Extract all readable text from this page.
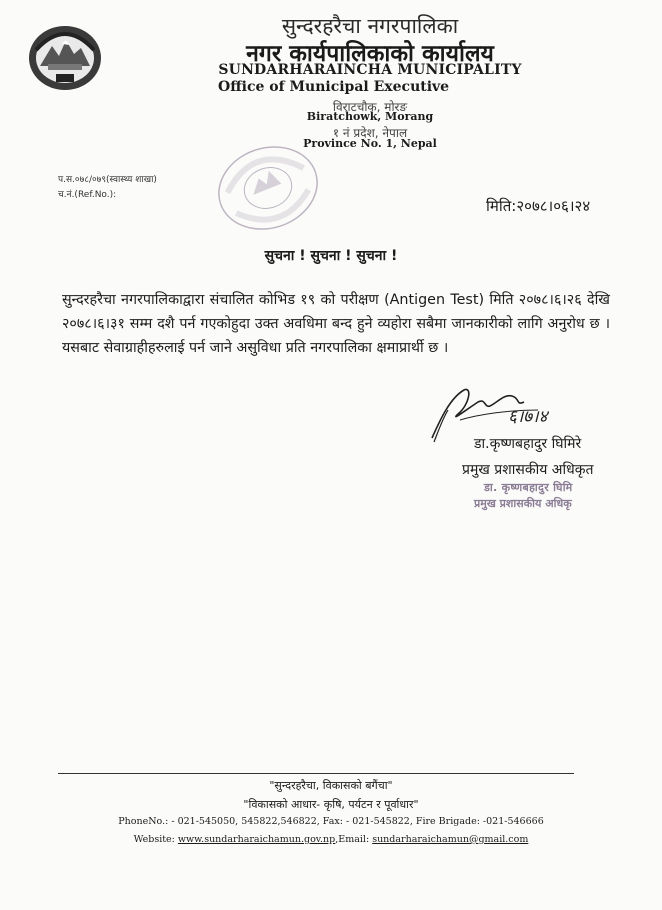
सुन्दरहरैचा नगरपालिका
नगर कार्यपालिकाको कार्यालय
SUNDARHARAINCHA MUNICIPALITY
Office of Municipal Executive
विराटचौक, मोरङ
Biratchowk, Morang
१ नं प्रदेश, नेपाल
Province No. 1, Nepal
प.स.०७८/०७९(स्वास्थ्य शाखा)
च.नं.(Ref.No.):
मिति:२०७८।०६।२४
सुचना ! सुचना ! सुचना !
सुन्दरहरैचा नगरपालिकाद्वारा संचालित कोभिड १९ को परीक्षण (Antigen Test) मिति २०७८।६।२६ देखि २०७८।६।३१ सम्म दशै पर्न गएकोहुदा उक्त अवधिमा बन्द हुने व्यहोरा सबैमा जानकारीको लागि अनुरोध छ । यसबाट सेवाग्राहीहरुलाई पर्न जाने असुविधा प्रति नगरपालिका क्षमाप्रार्थी छ ।
६।७।४
डा.कृष्णबहादुर घिमिरे
प्रमुख प्रशासकीय अधिकृत
डा. कृष्णबहादुर घिमि
प्रमुख प्रशासकीय अधिकृ
"सुन्दरहरैचा, विकासको बगैंचा"
"विकासको आधार- कृषि, पर्यटन र पूर्वाधार"
PhoneNo.: - 021-545050, 545822,546822, Fax: - 021-545822, Fire Brigade: -021-546666
Website: www.sundarharaichamun.gov.np,Email: sundarharaichamun@gmail.com
